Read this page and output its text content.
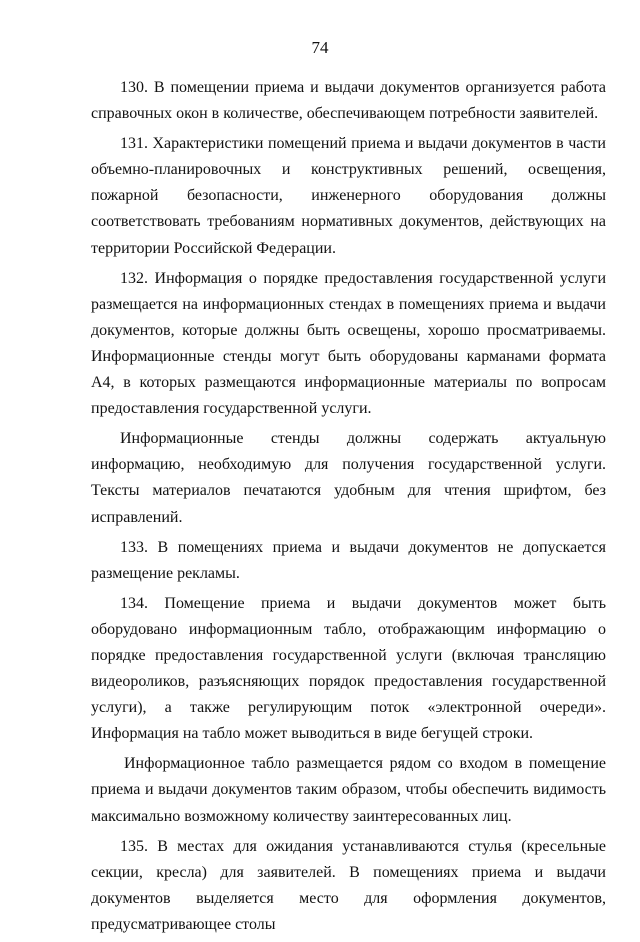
74

130. В помещении приема и выдачи документов организуется работа справочных окон в количестве, обеспечивающем потребности заявителей.

131. Характеристики помещений приема и выдачи документов в части объемно-планировочных и конструктивных решений, освещения, пожарной безопасности, инженерного оборудования должны соответствовать требованиям нормативных документов, действующих на территории Российской Федерации.

132. Информация о порядке предоставления государственной услуги размещается на информационных стендах в помещениях приема и выдачи документов, которые должны быть освещены, хорошо просматриваемы. Информационные стенды могут быть оборудованы карманами формата А4, в которых размещаются информационные материалы по вопросам предоставления государственной услуги.

Информационные стенды должны содержать актуальную информацию, необходимую для получения государственной услуги. Тексты материалов печатаются удобным для чтения шрифтом, без исправлений.

133. В помещениях приема и выдачи документов не допускается размещение рекламы.

134. Помещение приема и выдачи документов может быть оборудовано информационным табло, отображающим информацию о порядке предоставления государственной услуги (включая трансляцию видеороликов, разъясняющих порядок предоставления государственной услуги), а также регулирующим поток «электронной очереди». Информация на табло может выводиться в виде бегущей строки.

Информационное табло размещается рядом со входом в помещение приема и выдачи документов таким образом, чтобы обеспечить видимость максимально возможному количеству заинтересованных лиц.

135. В местах для ожидания устанавливаются стулья (кресельные секции, кресла) для заявителей. В помещениях приема и выдачи документов выделяется место для оформления документов, предусматривающее столы
